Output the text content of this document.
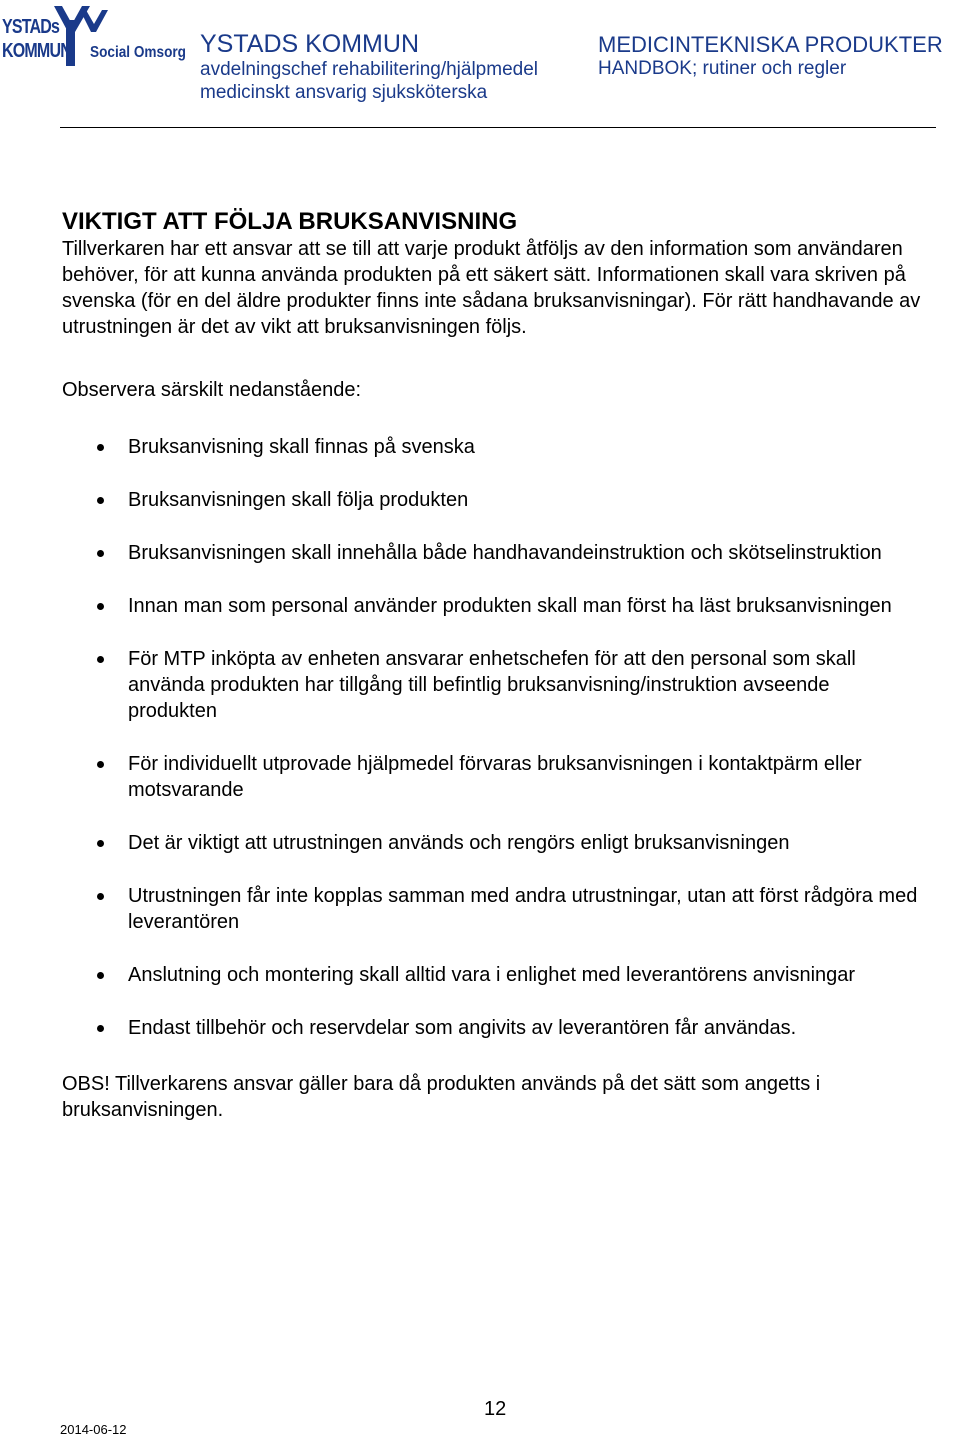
YSTADs
KOMMUN Social Omsorg YSTADS KOMMUN
avdelningschef rehabilitering/hjälpmedel
medicinskt ansvarig sjuksköterska
MEDICINTEKNISKA PRODUKTER
HANDBOK; rutiner och regler
VIKTIGT ATT FÖLJA BRUKSANVISNING

Tillverkaren har ett ansvar att se till att varje produkt åtföljs av den information som användaren behöver, för att kunna använda produkten på ett säkert sätt. Informationen skall vara skriven på svenska (för en del äldre produkter finns inte sådana bruksanvisningar). För rätt handhavande av utrustningen är det av vikt att bruksanvisningen följs.

Observera särskilt nedanstående:

Bruksanvisning skall finnas på svenska
Bruksanvisningen skall följa produkten
Bruksanvisningen skall innehålla både handhavandeinstruktion och skötselinstruktion
Innan man som personal använder produkten skall man först ha läst bruksanvisningen
För MTP inköpta av enheten ansvarar enhetschefen för att den personal som skall använda produkten har tillgång till befintlig bruksanvisning/instruktion avseende produkten
För individuellt utprovade hjälpmedel förvaras bruksanvisningen i kontaktpärm eller motsvarande
Det är viktigt att utrustningen används och rengörs enligt bruksanvisningen
Utrustningen får inte kopplas samman med andra utrustningar, utan att först rådgöra med leverantören
Anslutning och montering skall alltid vara i enlighet med leverantörens anvisningar
Endast tillbehör och reservdelar som angivits av leverantören får användas.

OBS! Tillverkarens ansvar gäller bara då produkten används på det sätt som angetts i bruksanvisningen.

12
2014-06-12
